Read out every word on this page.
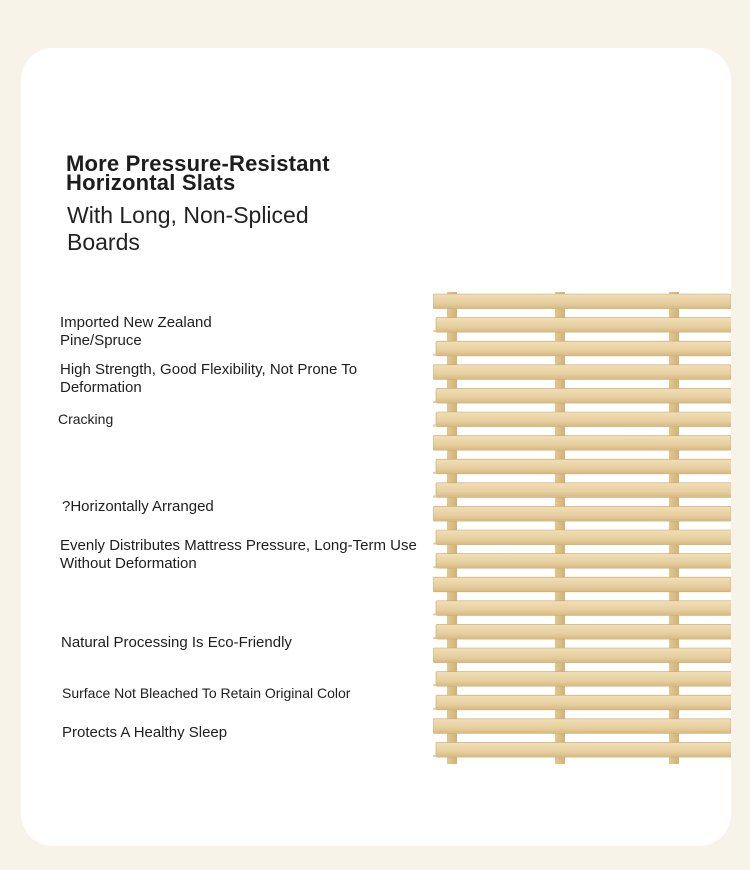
More Pressure-Resistant
Horizontal Slats
With Long, Non-Spliced
Boards
Imported New Zealand
Pine/Spruce
High Strength, Good Flexibility, Not Prone To
Deformation
Cracking
?Horizontally Arranged
Evenly Distributes Mattress Pressure, Long-Term Use
Without Deformation
Natural Processing Is Eco-Friendly
Surface Not Bleached To Retain Original Color
Protects A Healthy Sleep
